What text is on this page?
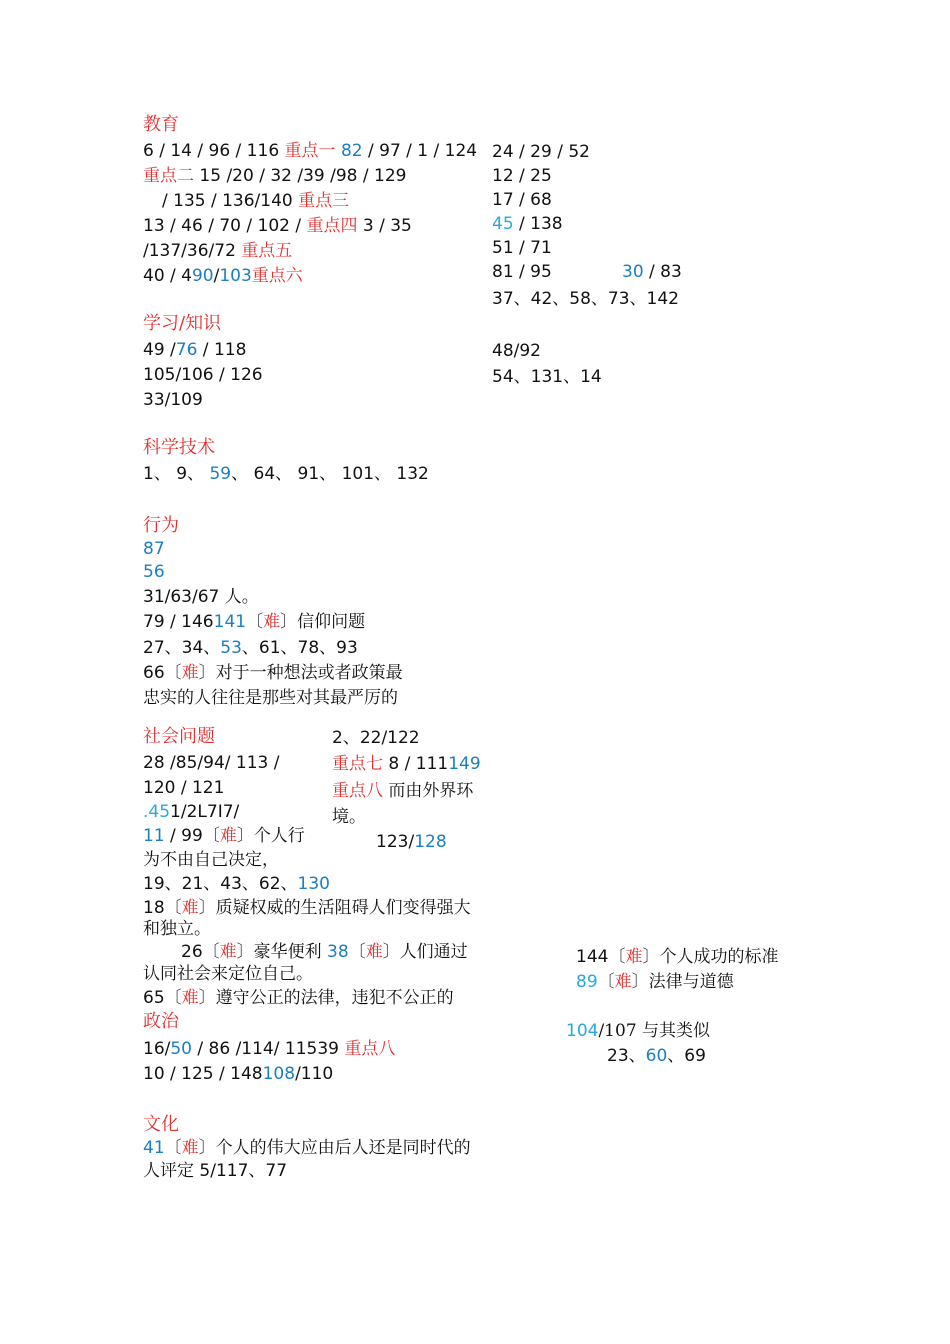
教育
6 / 14 / 96 / 116 重点一 82 / 97 / 1 / 124
重点二 15 /20 / 32 /39 /98 / 129
/ 135 / 136/140 重点三
13 / 46 / 70 / 102 / 重点四 3 / 35
/137/36/72 重点五
40 / 490/103重点六
24 / 29 / 52
12 / 25
17 / 68
45 / 138
51 / 71
81 / 95	30 / 83
37、42、58、73、142
学习/知识
49 /76 / 118
105/106 / 126
33/109
48/92
54、131、14
科学技术
1、 9、 59、 64、 91、 101、 132
行为
87
56
31/63/67 人。
79 / 146141〔难〕信仰问题
27、34、53、61、78、93
66〔难〕对于一种想法或者政策最
忠实的人往往是那些对其最严厉的
社会问题
28 /85/94/ 113 /
120 / 121
.451/2L7I7/
11 / 99〔难〕个人行
为不由自己决定，
19、21、43、62、130
18〔难〕质疑权威的生活阻碍人们变得强大
和独立。
26〔难〕豪华便利 38〔难〕人们通过
认同社会来定位自己。
65〔难〕遵守公正的法律，违犯不公正的
2、22/122
重点七 8 / 111149
重点八 而由外界环
境。
123/128
144〔难〕个人成功的标准
89〔难〕法律与道德
政治
16/50 / 86 /114/ 11539 重点八
10 / 125 / 148108/110
104/107 与其类似
23、60、69
文化
41〔难〕个人的伟大应由后人还是同时代的
人评定 5/117、77
